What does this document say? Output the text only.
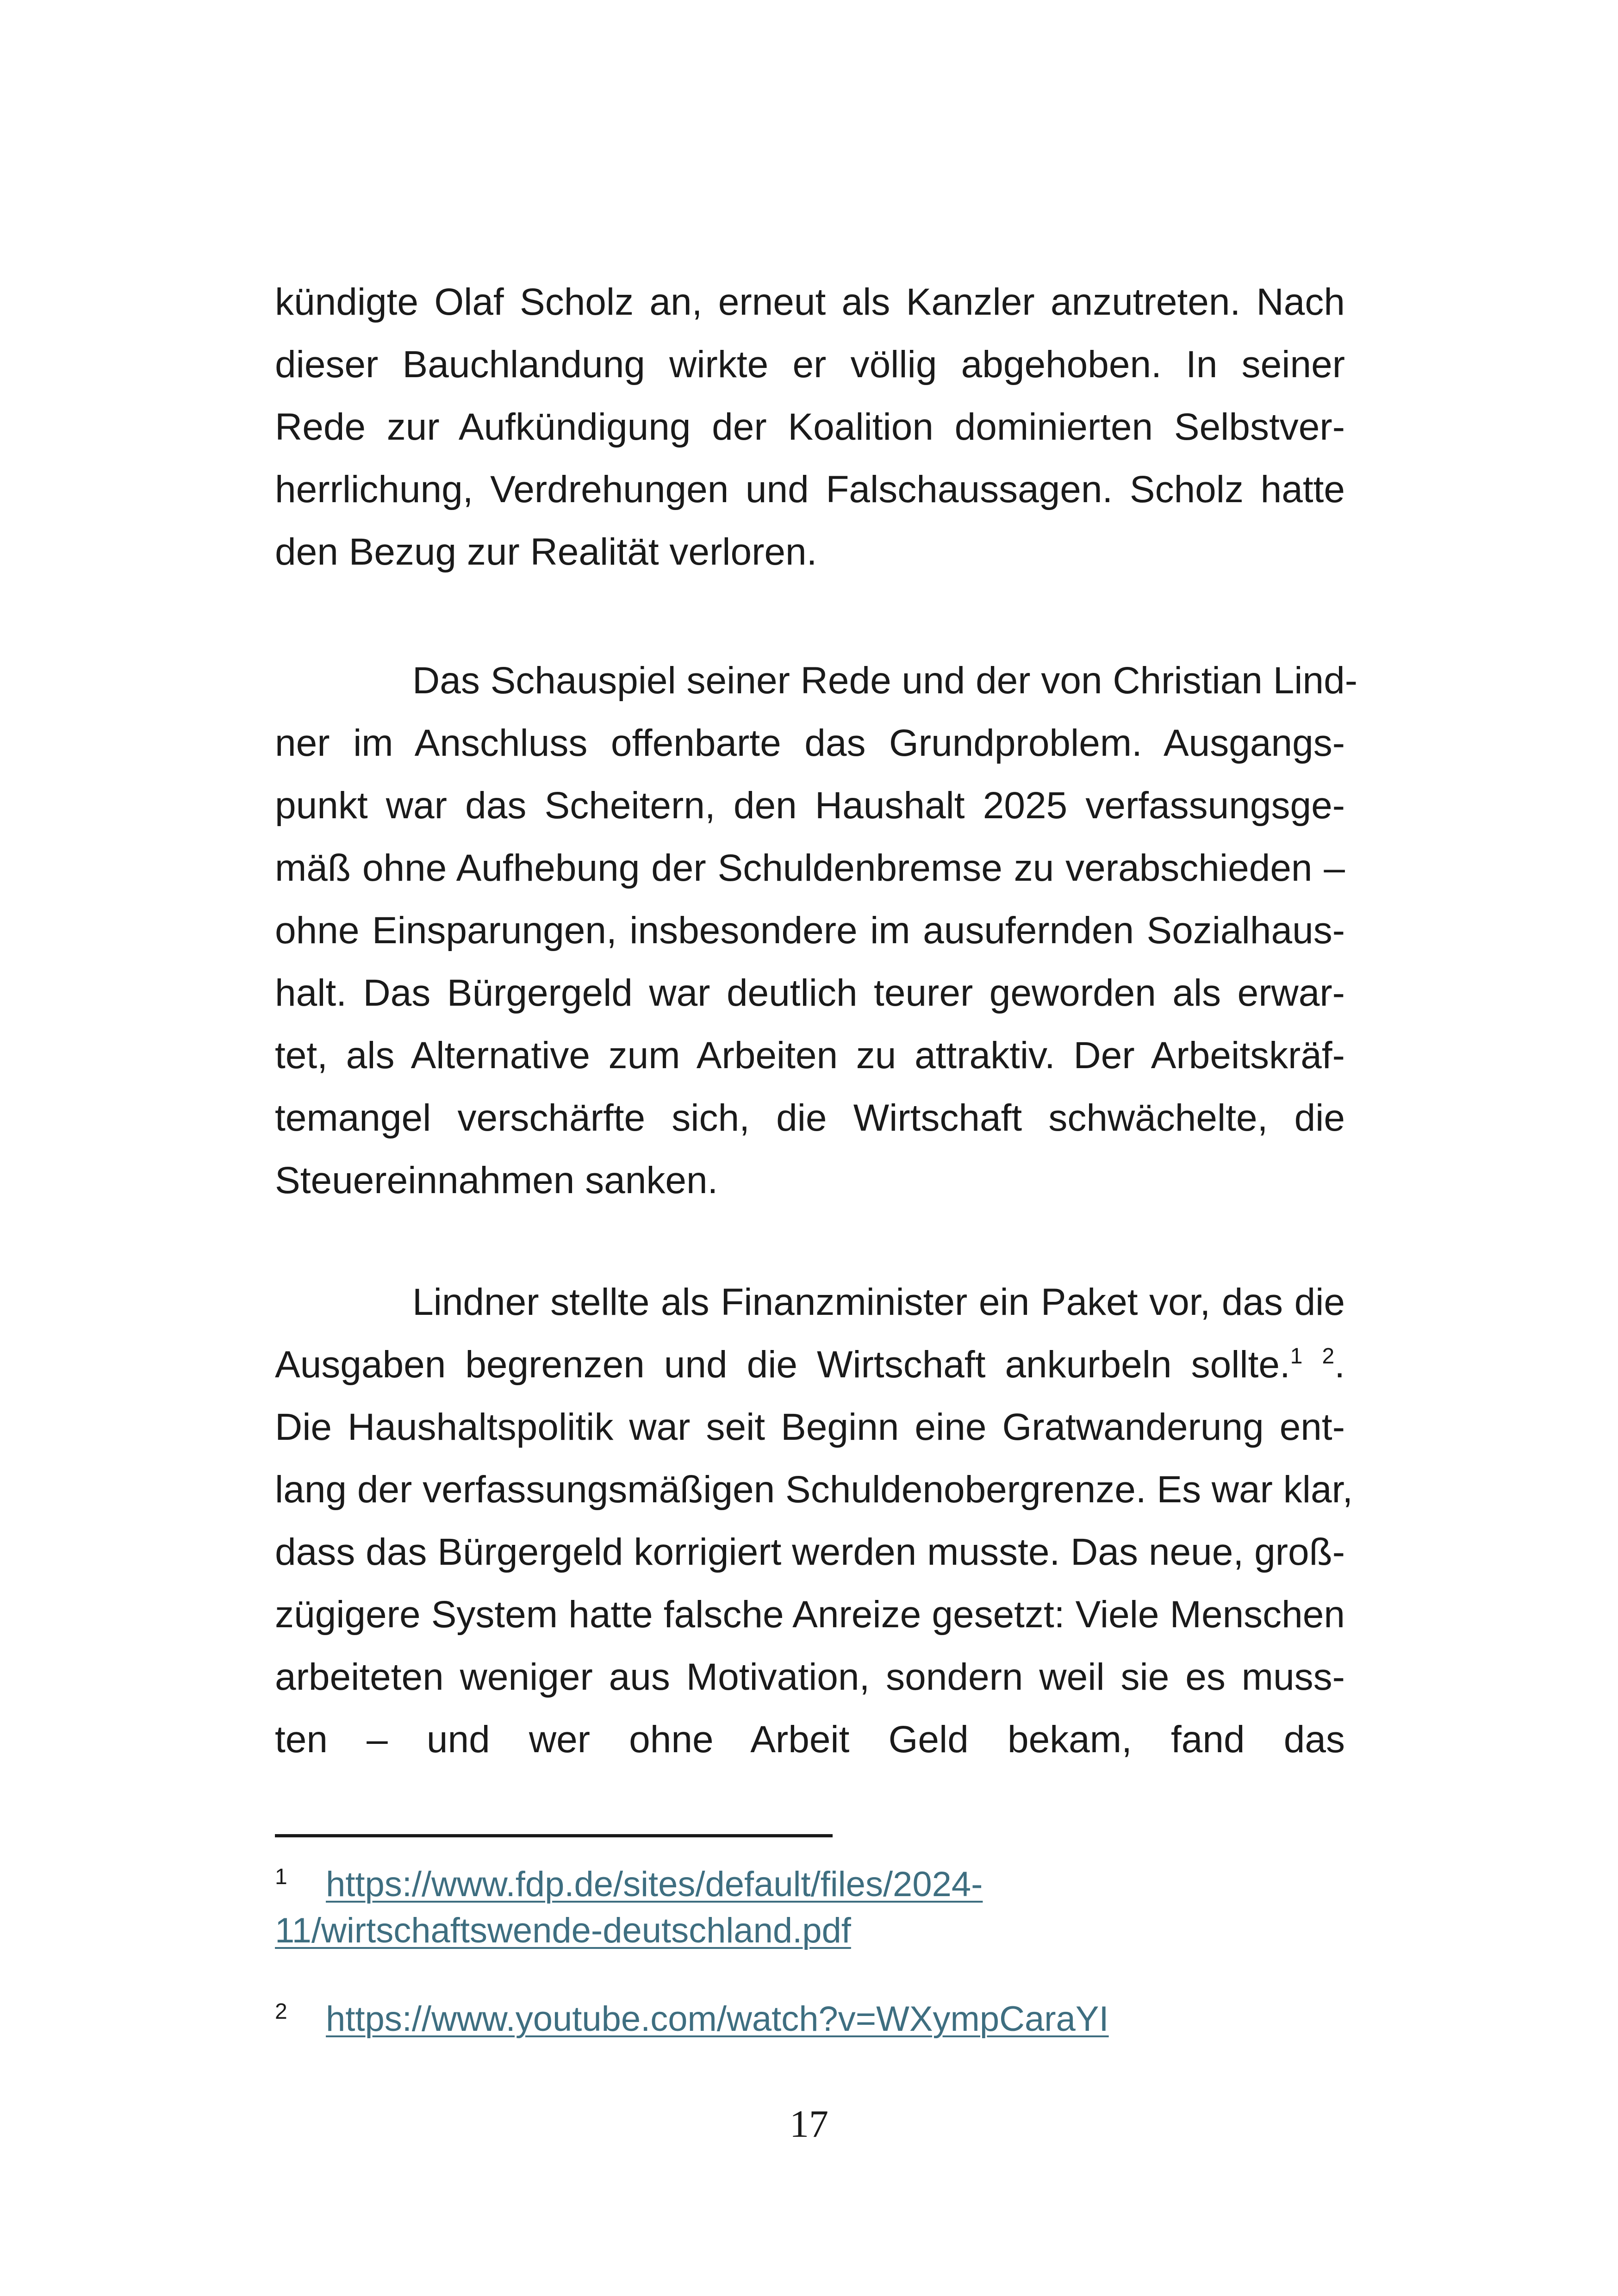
kündigte Olaf Scholz an, erneut als Kanzler anzutreten. Nach
dieser Bauchlandung wirkte er völlig abgehoben. In seiner
Rede zur Aufkündigung der Koalition dominierten Selbstver-
herrlichung, Verdrehungen und Falschaussagen. Scholz hatte
den Bezug zur Realität verloren.
Das Schauspiel seiner Rede und der von Christian Lind-
ner im Anschluss offenbarte das Grundproblem. Ausgangs-
punkt war das Scheitern, den Haushalt 2025 verfassungsge-
mäß ohne Aufhebung der Schuldenbremse zu verabschieden –
ohne Einsparungen, insbesondere im ausufernden Sozialhaus-
halt. Das Bürgergeld war deutlich teurer geworden als erwar-
tet, als Alternative zum Arbeiten zu attraktiv. Der Arbeitskräf-
temangel verschärfte sich, die Wirtschaft schwächelte, die
Steuereinnahmen sanken.
Lindner stellte als Finanzminister ein Paket vor, das die
Ausgaben begrenzen und die Wirtschaft ankurbeln sollte.$^1$ $^2$.
Die Haushaltspolitik war seit Beginn eine Gratwanderung ent-
lang der verfassungsmäßigen Schuldenobergrenze. Es war klar,
dass das Bürgergeld korrigiert werden musste. Das neue, groß-
zügigere System hatte falsche Anreize gesetzt: Viele Menschen
arbeiteten weniger aus Motivation, sondern weil sie es muss-
ten – und wer ohne Arbeit Geld bekam, fand das
1 https://www.fdp.de/sites/default/files/2024-
11/wirtschaftswende-deutschland.pdf
2 https://www.youtube.com/watch?v=WXympCaraYI
17
